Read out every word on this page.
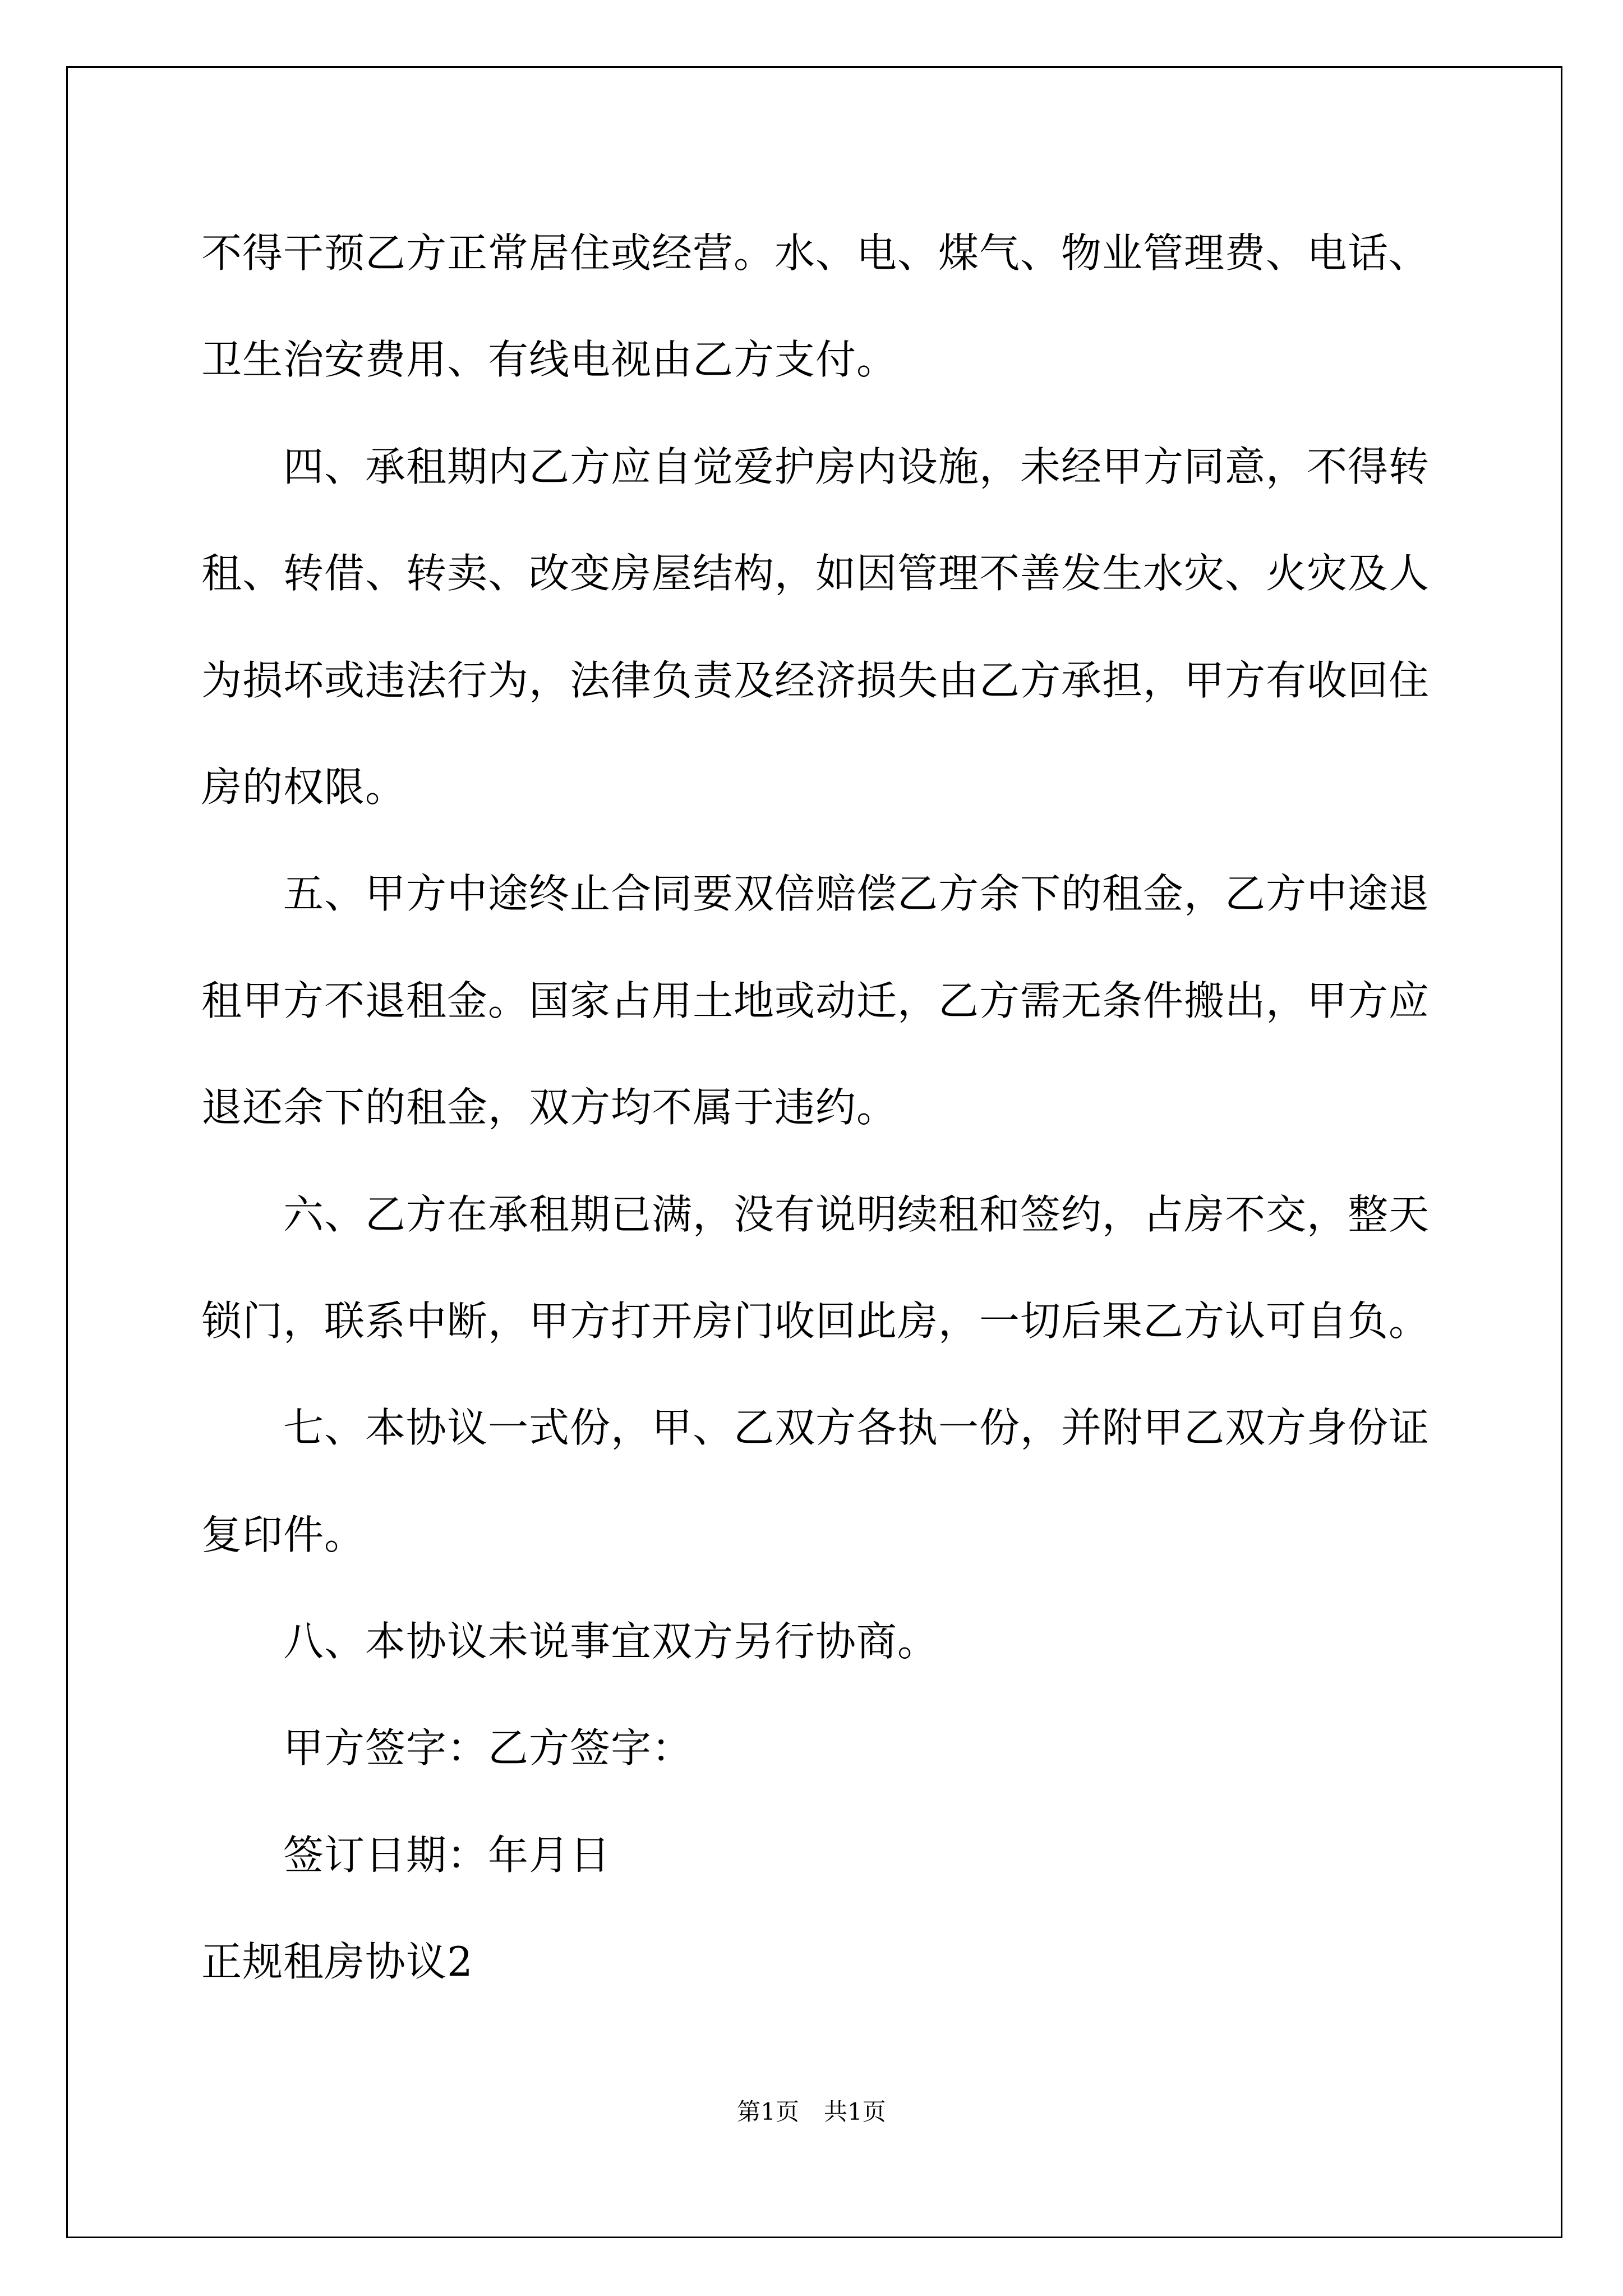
不得干预乙方正常居住或经营。水、电、煤气、物业管理费、电话、
卫生治安费用、有线电视由乙方支付。
四、承租期内乙方应自觉爱护房内设施，未经甲方同意，不得转
租、转借、转卖、改变房屋结构，如因管理不善发生水灾、火灾及人
为损坏或违法行为，法律负责及经济损失由乙方承担，甲方有收回住
房的权限。
五、甲方中途终止合同要双倍赔偿乙方余下的租金，乙方中途退
租甲方不退租金。国家占用土地或动迁，乙方需无条件搬出，甲方应
退还余下的租金，双方均不属于违约。
六、乙方在承租期已满，没有说明续租和签约，占房不交，整天
锁门，联系中断，甲方打开房门收回此房，一切后果乙方认可自负。
七、本协议一式份，甲、乙双方各执一份，并附甲乙双方身份证
复印件。
八、本协议未说事宜双方另行协商。
甲方签字：乙方签字：
签订日期：年月日
正规租房协议2
第1页 共1页
